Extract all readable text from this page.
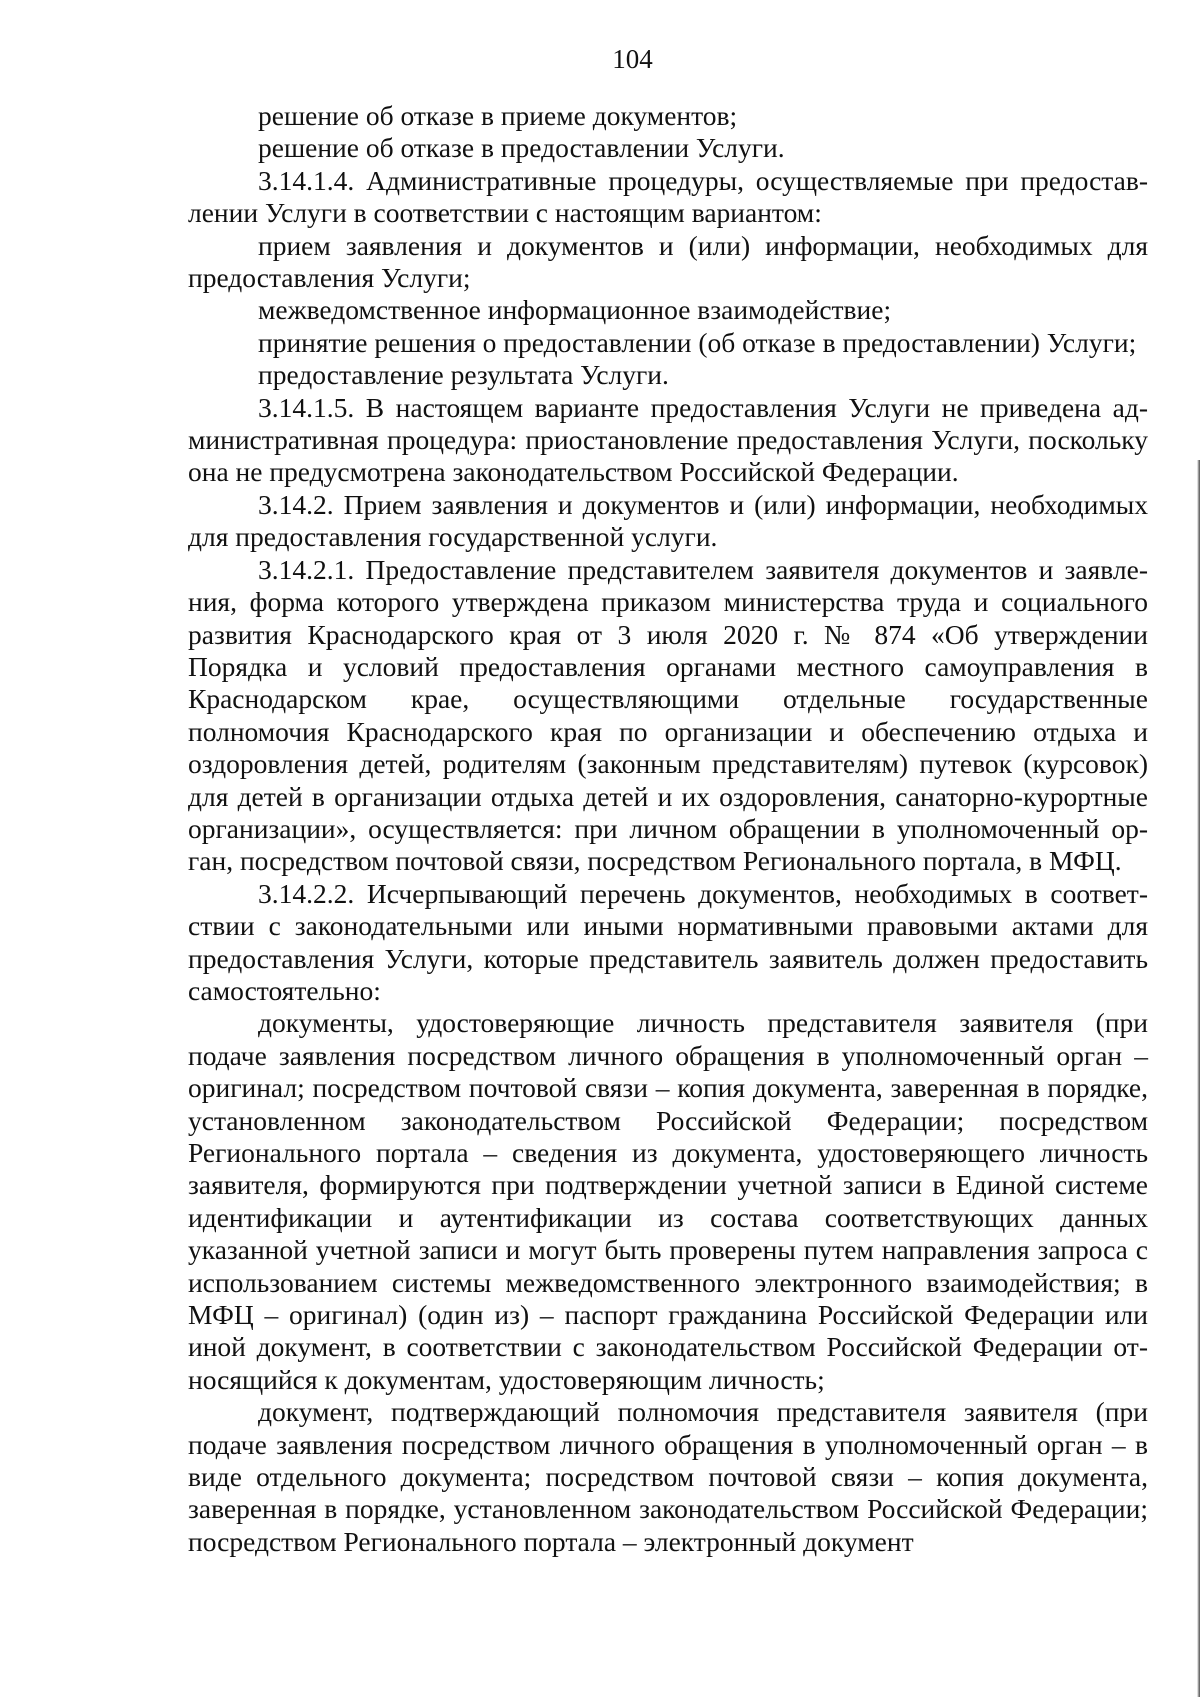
104

решение об отказе в приеме документов;

решение об отказе в предоставлении Услуги.

3.14.1.4. Административные процедуры, осуществляемые при предоставлении Услуги в соответствии с настоящим вариантом:

прием заявления и документов и (или) информации, необходимых для предоставления Услуги;

межведомственное информационное взаимодействие;

принятие решения о предоставлении (об отказе в предоставлении) Услуги;

предоставление результата Услуги.

3.14.1.5. В настоящем варианте предоставления Услуги не приведена административная процедура: приостановление предоставления Услуги, поскольку она не предусмотрена законодательством Российской Федерации.

3.14.2. Прием заявления и документов и (или) информации, необходимых для предоставления государственной услуги.

3.14.2.1. Предоставление представителем заявителя документов и заявления, форма которого утверждена приказом министерства труда и социального развития Краснодарского края от 3 июля 2020 г. № 874 «Об утверждении Порядка и условий предоставления органами местного самоуправления в Краснодарском крае, осуществляющими отдельные государственные полномочия Краснодарского края по организации и обеспечению отдыха и оздоровления детей, родителям (законным представителям) путевок (курсовок) для детей в организации отдыха детей и их оздоровления, санаторно-курортные организации», осуществляется: при личном обращении в уполномоченный орган, посредством почтовой связи, посредством Регионального портала, в МФЦ.

3.14.2.2. Исчерпывающий перечень документов, необходимых в соответствии с законодательными или иными нормативными правовыми актами для предоставления Услуги, которые представитель заявитель должен предоставить самостоятельно:

документы, удостоверяющие личность представителя заявителя (при подаче заявления посредством личного обращения в уполномоченный орган – оригинал; посредством почтовой связи – копия документа, заверенная в порядке, установленном законодательством Российской Федерации; посредством Регионального портала – сведения из документа, удостоверяющего личность заявителя, формируются при подтверждении учетной записи в Единой системе идентификации и аутентификации из состава соответствующих данных указанной учетной записи и могут быть проверены путем направления запроса с использованием системы межведомственного электронного взаимодействия; в МФЦ – оригинал) (один из) – паспорт гражданина Российской Федерации или иной документ, в соответствии с законодательством Российской Федерации относящийся к документам, удостоверяющим личность;

документ, подтверждающий полномочия представителя заявителя (при подаче заявления посредством личного обращения в уполномоченный орган – в виде отдельного документа; посредством почтовой связи – копия документа, заверенная в порядке, установленном законодательством Российской Федерации; посредством Регионального портала – электронный документ
